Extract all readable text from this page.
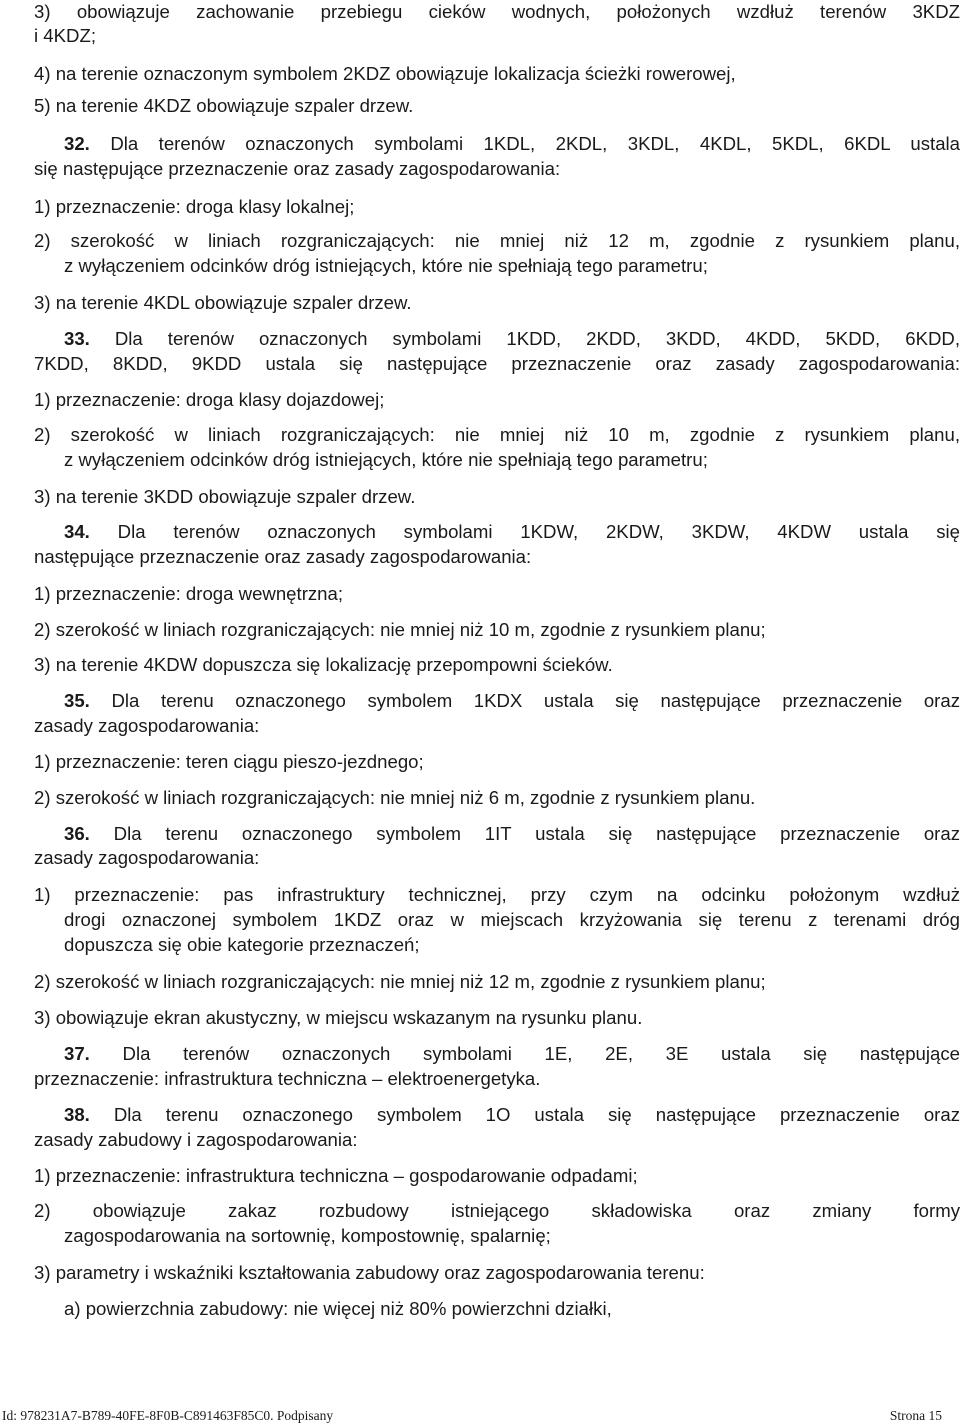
3) obowiązuje zachowanie przebiegu cieków wodnych, położonych wzdłuż terenów 3KDZ
i 4KDZ;
4) na terenie oznaczonym symbolem 2KDZ obowiązuje lokalizacja ścieżki rowerowej,
5) na terenie 4KDZ obowiązuje szpaler drzew.
32. Dla terenów oznaczonych symbolami 1KDL, 2KDL, 3KDL, 4KDL, 5KDL, 6KDL ustala
się następujące przeznaczenie oraz zasady zagospodarowania:
1) przeznaczenie: droga klasy lokalnej;
2) szerokość w liniach rozgraniczających: nie mniej niż 12 m, zgodnie z rysunkiem planu,
z wyłączeniem odcinków dróg istniejących, które nie spełniają tego parametru;
3) na terenie 4KDL obowiązuje szpaler drzew.
33. Dla terenów oznaczonych symbolami 1KDD, 2KDD, 3KDD, 4KDD, 5KDD, 6KDD,
7KDD, 8KDD, 9KDD ustala się następujące przeznaczenie oraz zasady zagospodarowania:
1) przeznaczenie: droga klasy dojazdowej;
2) szerokość w liniach rozgraniczających: nie mniej niż 10 m, zgodnie z rysunkiem planu,
z wyłączeniem odcinków dróg istniejących, które nie spełniają tego parametru;
3) na terenie 3KDD obowiązuje szpaler drzew.
34. Dla terenów oznaczonych symbolami 1KDW, 2KDW, 3KDW, 4KDW ustala się
następujące przeznaczenie oraz zasady zagospodarowania:
1) przeznaczenie: droga wewnętrzna;
2) szerokość w liniach rozgraniczających: nie mniej niż 10 m, zgodnie z rysunkiem planu;
3) na terenie 4KDW dopuszcza się lokalizację przepompowni ścieków.
35. Dla terenu oznaczonego symbolem 1KDX ustala się następujące przeznaczenie oraz
zasady zagospodarowania:
1) przeznaczenie: teren ciągu pieszo-jezdnego;
2) szerokość w liniach rozgraniczających: nie mniej niż 6 m, zgodnie z rysunkiem planu.
36. Dla terenu oznaczonego symbolem 1IT ustala się następujące przeznaczenie oraz
zasady zagospodarowania:
1) przeznaczenie: pas infrastruktury technicznej, przy czym na odcinku położonym wzdłuż
drogi oznaczonej symbolem 1KDZ oraz w miejscach krzyżowania się terenu z terenami dróg
dopuszcza się obie kategorie przeznaczeń;
2) szerokość w liniach rozgraniczających: nie mniej niż 12 m, zgodnie z rysunkiem planu;
3) obowiązuje ekran akustyczny, w miejscu wskazanym na rysunku planu.
37. Dla terenów oznaczonych symbolami 1E, 2E, 3E ustala się następujące
przeznaczenie: infrastruktura techniczna – elektroenergetyka.
38. Dla terenu oznaczonego symbolem 1O ustala się następujące przeznaczenie oraz
zasady zabudowy i zagospodarowania:
1) przeznaczenie: infrastruktura techniczna – gospodarowanie odpadami;
2) obowiązuje zakaz rozbudowy istniejącego składowiska oraz zmiany formy
zagospodarowania na sortownię, kompostownię, spalarnię;
3) parametry i wskaźniki kształtowania zabudowy oraz zagospodarowania terenu:
a) powierzchnia zabudowy: nie więcej niż 80% powierzchni działki,
Id: 978231A7-B789-40FE-8F0B-C891463F85C0. Podpisany	Strona 15
